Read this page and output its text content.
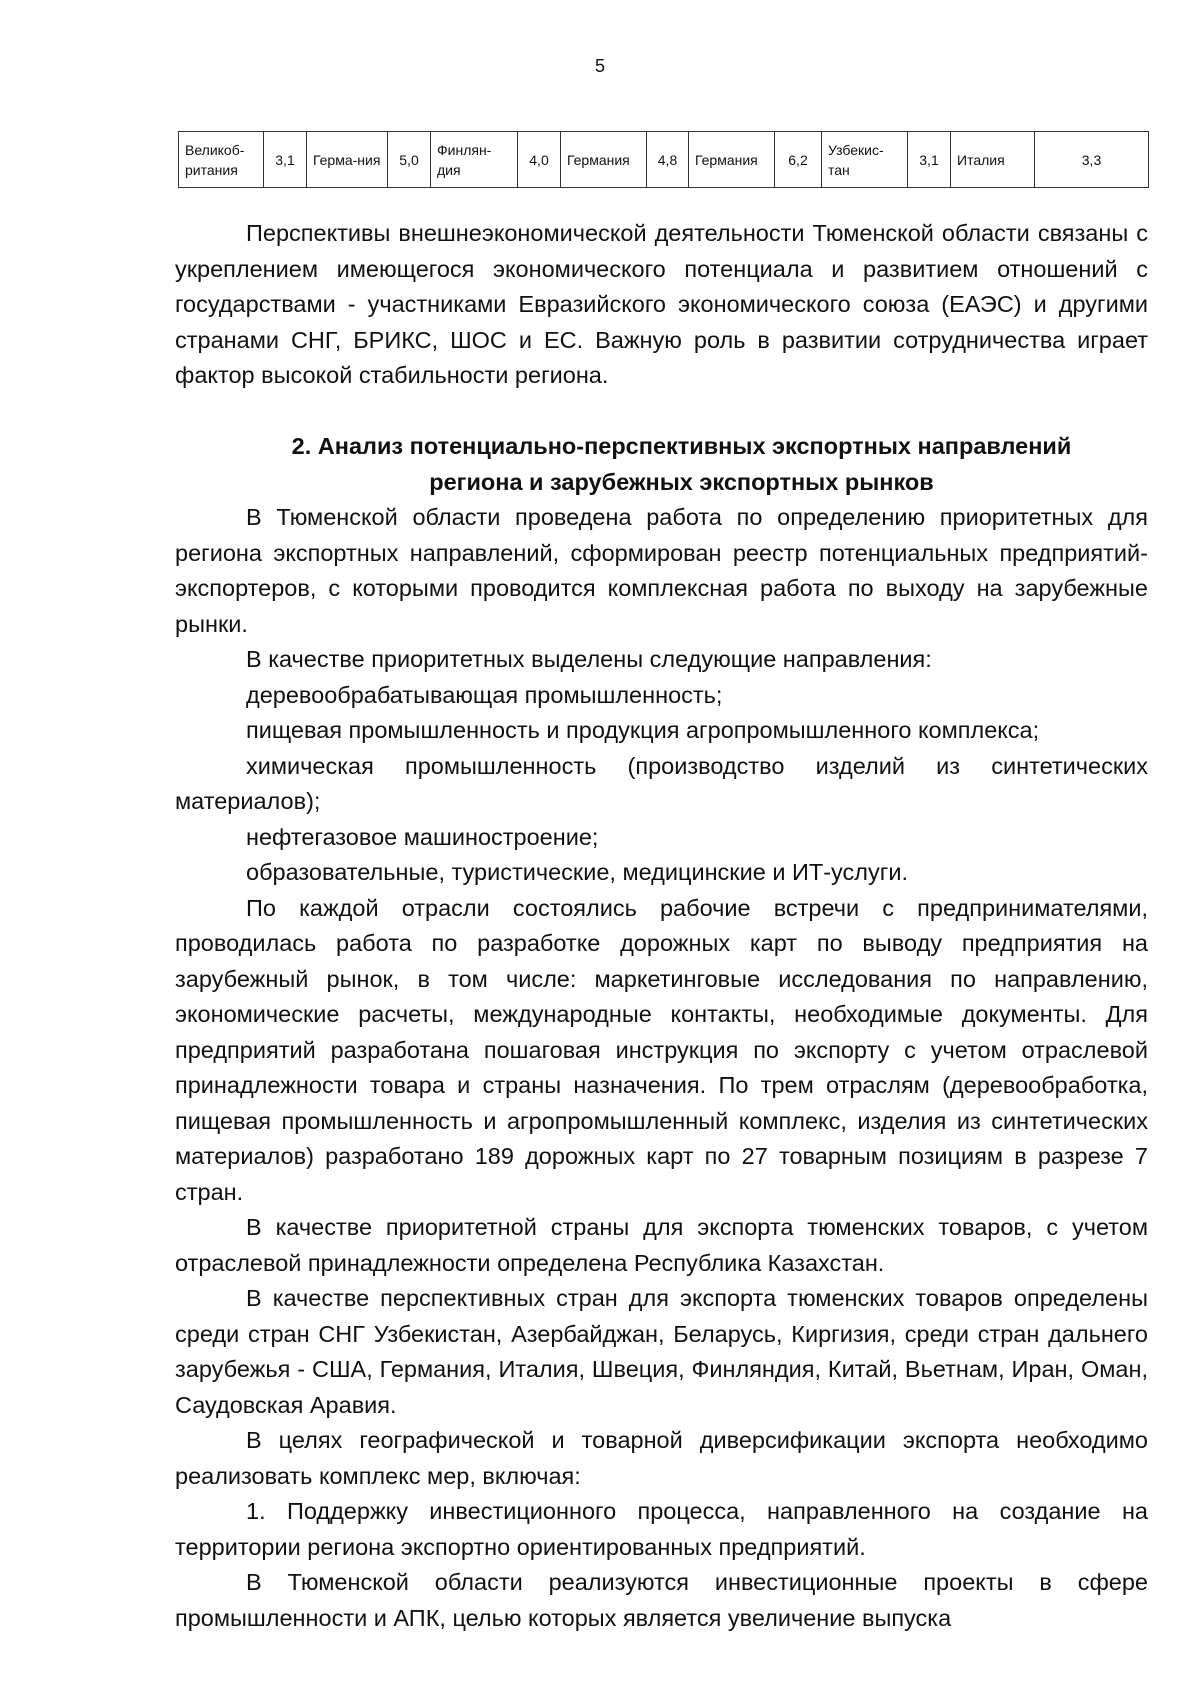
5
Великоб-ритания	3,1	Герма-ния	5,0	Финлян-дия	4,0	Германия	4,8	Германия	6,2	Узбекис-тан	3,1	Италия	3,3

Перспективы внешнеэкономической деятельности Тюменской области связаны с укреплением имеющегося экономического потенциала и развитием отношений с государствами - участниками Евразийского экономического союза (ЕАЭС) и другими странами СНГ, БРИКС, ШОС и ЕС. Важную роль в развитии сотрудничества играет фактор высокой стабильности региона.

2. Анализ потенциально-перспективных экспортных направлений
региона и зарубежных экспортных рынков

В Тюменской области проведена работа по определению приоритетных для региона экспортных направлений, сформирован реестр потенциальных предприятий-экспортеров, с которыми проводится комплексная работа по выходу на зарубежные рынки.

В качестве приоритетных выделены следующие направления:

деревообрабатывающая промышленность;

пищевая промышленность и продукция агропромышленного комплекса;

химическая промышленность (производство изделий из синтетических материалов);

нефтегазовое машиностроение;

образовательные, туристические, медицинские и ИТ-услуги.

По каждой отрасли состоялись рабочие встречи с предпринимателями, проводилась работа по разработке дорожных карт по выводу предприятия на зарубежный рынок, в том числе: маркетинговые исследования по направлению, экономические расчеты, международные контакты, необходимые документы. Для предприятий разработана пошаговая инструкция по экспорту с учетом отраслевой принадлежности товара и страны назначения. По трем отраслям (деревообработка, пищевая промышленность и агропромышленный комплекс, изделия из синтетических материалов) разработано 189 дорожных карт по 27 товарным позициям в разрезе 7 стран.

В качестве приоритетной страны для экспорта тюменских товаров, с учетом отраслевой принадлежности определена Республика Казахстан.

В качестве перспективных стран для экспорта тюменских товаров определены среди стран СНГ Узбекистан, Азербайджан, Беларусь, Киргизия, среди стран дальнего зарубежья - США, Германия, Италия, Швеция, Финляндия, Китай, Вьетнам, Иран, Оман, Саудовская Аравия.

В целях географической и товарной диверсификации экспорта необходимо реализовать комплекс мер, включая:

1. Поддержку инвестиционного процесса, направленного на создание на территории региона экспортно ориентированных предприятий.

В Тюменской области реализуются инвестиционные проекты в сфере промышленности и АПК, целью которых является увеличение выпуска
